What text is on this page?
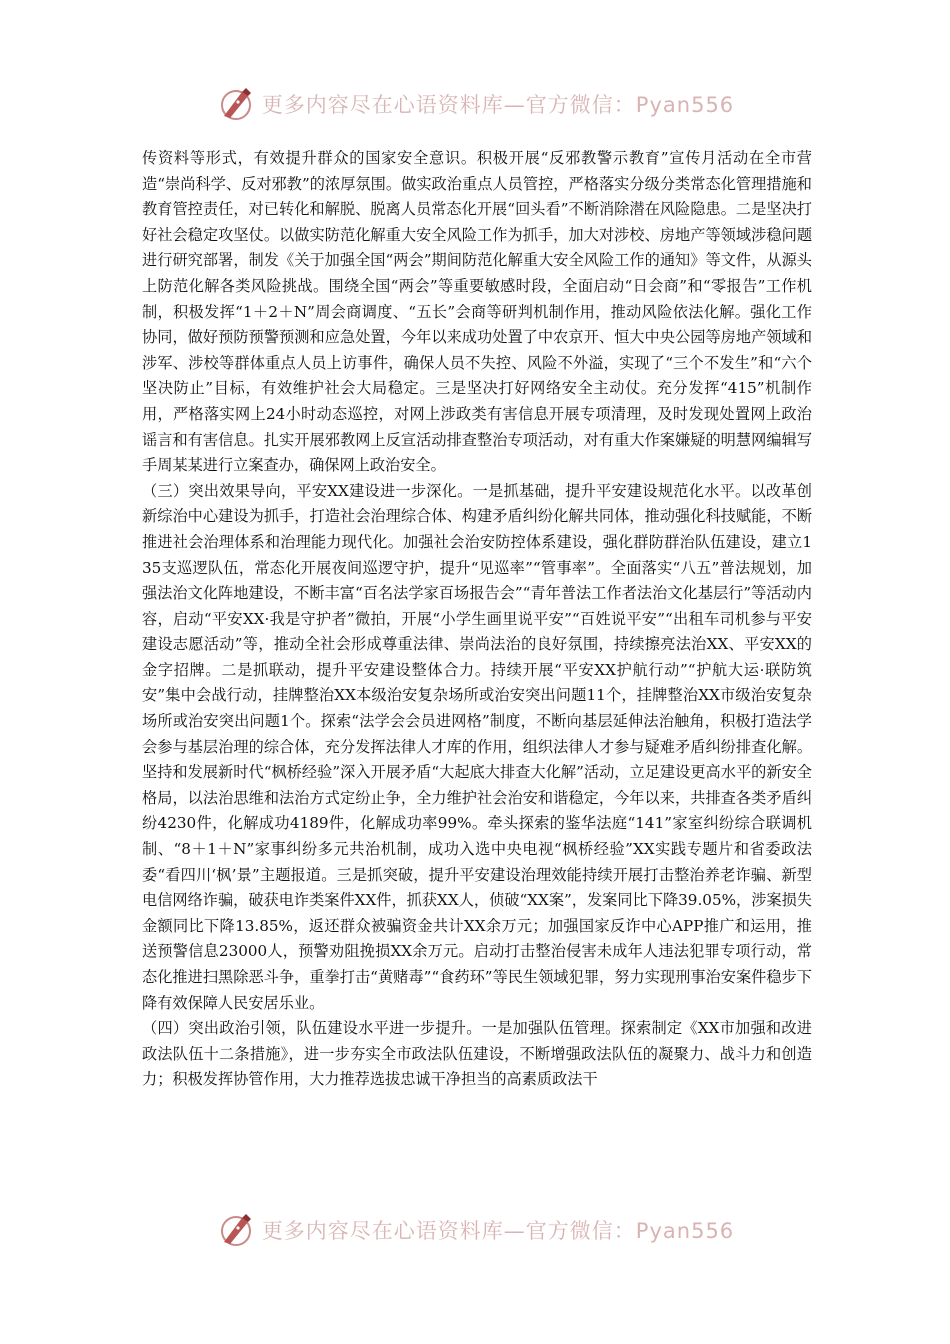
更多内容尽在心语资料库—官方微信：Pyan556

传资料等形式，有效提升群众的国家安全意识。积极开展“反邪教警示教育”宣传月活动在全市营造“崇尚科学、反对邪教”的浓厚氛围。做实政治重点人员管控，严格落实分级分类常态化管理措施和教育管控责任，对已转化和解脱、脱离人员常态化开展“回头看”不断消除潜在风险隐患。二是坚决打好社会稳定攻坚仗。以做实防范化解重大安全风险工作为抓手，加大对涉校、房地产等领域涉稳问题进行研究部署，制发《关于加强全国“两会”期间防范化解重大安全风险工作的通知》等文件，从源头上防范化解各类风险挑战。围绕全国“两会”等重要敏感时段，全面启动“日会商”和“零报告”工作机制，积极发挥“1＋2＋N”周会商调度、“五长”会商等研判机制作用，推动风险依法化解。强化工作协同，做好预防预警预测和应急处置，今年以来成功处置了中农京开、恒大中央公园等房地产领域和涉军、涉校等群体重点人员上访事件，确保人员不失控、风险不外溢，实现了“三个不发生”和“六个坚决防止”目标，有效维护社会大局稳定。三是坚决打好网络安全主动仗。充分发挥“415”机制作用，严格落实网上24小时动态巡控，对网上涉政类有害信息开展专项清理，及时发现处置网上政治谣言和有害信息。扎实开展邪教网上反宣活动排查整治专项活动，对有重大作案嫌疑的明慧网编辑写手周某某进行立案查办，确保网上政治安全。

（三）突出效果导向，平安XX建设进一步深化。一是抓基础，提升平安建设规范化水平。以改革创新综治中心建设为抓手，打造社会治理综合体、构建矛盾纠纷化解共同体，推动强化科技赋能，不断推进社会治理体系和治理能力现代化。加强社会治安防控体系建设，强化群防群治队伍建设，建立135支巡逻队伍，常态化开展夜间巡逻守护，提升“见巡率”“管事率”。全面落实“八五”普法规划，加强法治文化阵地建设，不断丰富“百名法学家百场报告会”“青年普法工作者法治文化基层行”等活动内容，启动“平安XX·我是守护者”微拍，开展“小学生画里说平安”“百姓说平安”“出租车司机参与平安建设志愿活动”等，推动全社会形成尊重法律、崇尚法治的良好氛围，持续擦亮法治XX、平安XX的金字招牌。二是抓联动，提升平安建设整体合力。持续开展“平安XX护航行动”“护航大运·联防筑安”集中会战行动，挂牌整治XX本级治安复杂场所或治安突出问题11个，挂牌整治XX市级治安复杂场所或治安突出问题1个。探索“法学会会员进网格”制度，不断向基层延伸法治触角，积极打造法学会参与基层治理的综合体，充分发挥法律人才库的作用，组织法律人才参与疑难矛盾纠纷排查化解。坚持和发展新时代“枫桥经验”深入开展矛盾“大起底大排查大化解”活动，立足建设更高水平的新安全格局，以法治思维和法治方式定纷止争，全力维护社会治安和谐稳定，今年以来，共排查各类矛盾纠纷4230件，化解成功4189件，化解成功率99%。牵头探索的鉴华法庭“141”家室纠纷综合联调机制、“8＋1＋N”家事纠纷多元共治机制，成功入选中央电视“枫桥经验”XX实践专题片和省委政法委“看四川‘枫’景”主题报道。三是抓突破，提升平安建设治理效能持续开展打击整治养老诈骗、新型电信网络诈骗，破获电诈类案件XX件，抓获XX人，侦破“XX案”，发案同比下降39.05%，涉案损失金额同比下降13.85%，返还群众被骗资金共计XX余万元；加强国家反诈中心APP推广和运用，推送预警信息23000人，预警劝阻挽损XX余万元。启动打击整治侵害未成年人违法犯罪专项行动，常态化推进扫黑除恶斗争，重拳打击“黄赌毒”“食药环”等民生领域犯罪，努力实现刑事治安案件稳步下降有效保障人民安居乐业。

（四）突出政治引领，队伍建设水平进一步提升。一是加强队伍管理。探索制定《XX市加强和改进政法队伍十二条措施》，进一步夯实全市政法队伍建设，不断增强政法队伍的凝聚力、战斗力和创造力；积极发挥协管作用，大力推荐选拔忠诚干净担当的高素质政法干

更多内容尽在心语资料库—官方微信：Pyan556
